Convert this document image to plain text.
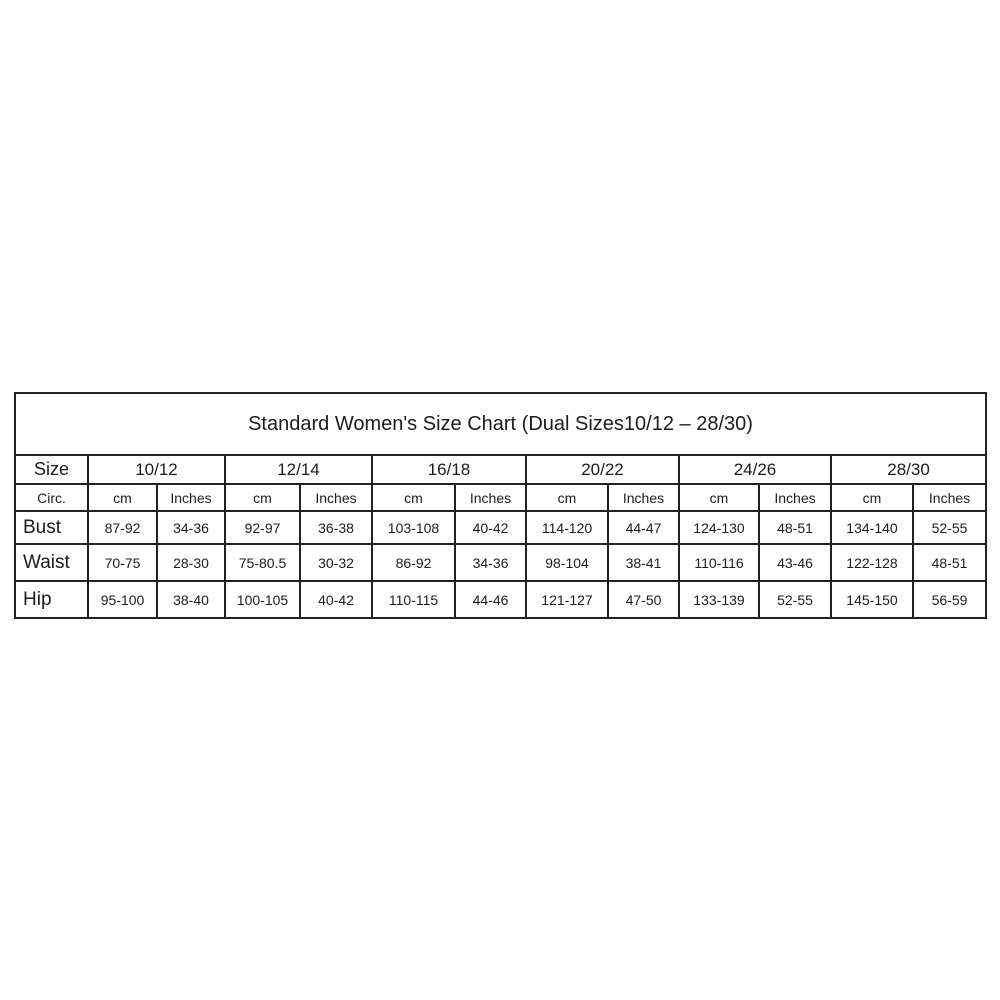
Standard Women's Size Chart (Dual Sizes10/12 – 28/30)												
Size	10/12		12/14		16/18		20/22		24/26		28/30	
Circ.	cm	Inches	cm	Inches	cm	Inches	cm	Inches	cm	Inches	cm	Inches
Bust	87-92	34-36	92-97	36-38	103-108	40-42	114-120	44-47	124-130	48-51	134-140	52-55
Waist	70-75	28-30	75-80.5	30-32	86-92	34-36	98-104	38-41	110-116	43-46	122-128	48-51
Hip	95-100	38-40	100-105	40-42	110-115	44-46	121-127	47-50	133-139	52-55	145-150	56-59
